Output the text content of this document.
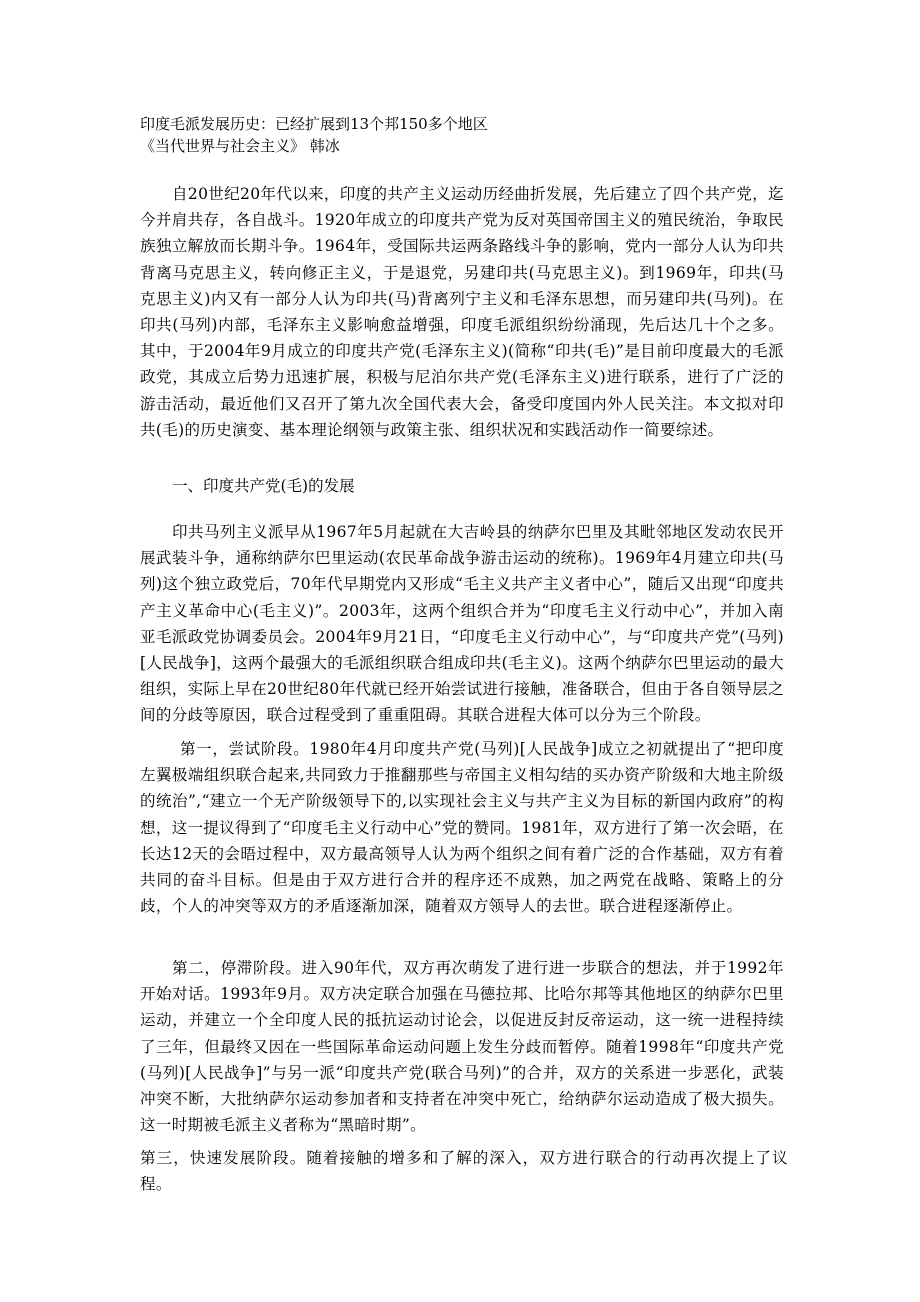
印度毛派发展历史：已经扩展到13个邦150多个地区
《当代世界与社会主义》 韩冰

自20世纪20年代以来，印度的共产主义运动历经曲折发展，先后建立了四个共产党，迄今并肩共存，各自战斗。1920年成立的印度共产党为反对英国帝国主义的殖民统治，争取民族独立解放而长期斗争。1964年，受国际共运两条路线斗争的影响，党内一部分人认为印共背离马克思主义，转向修正主义，于是退党，另建印共(马克思主义)。到1969年，印共(马克思主义)内又有一部分人认为印共(马)背离列宁主义和毛泽东思想，而另建印共(马列)。在印共(马列)内部，毛泽东主义影响愈益增强，印度毛派组织纷纷涌现，先后达几十个之多。其中，于2004年9月成立的印度共产党(毛泽东主义)(简称“印共(毛)”是目前印度最大的毛派政党，其成立后势力迅速扩展，积极与尼泊尔共产党(毛泽东主义)进行联系，进行了广泛的游击活动，最近他们又召开了第九次全国代表大会，备受印度国内外人民关注。本文拟对印共(毛)的历史演变、基本理论纲领与政策主张、组织状况和实践活动作一简要综述。

一、印度共产党(毛)的发展

印共马列主义派早从1967年5月起就在大吉岭县的纳萨尔巴里及其毗邻地区发动农民开展武装斗争，通称纳萨尔巴里运动(农民革命战争游击运动的统称)。1969年4月建立印共(马列)这个独立政党后，70年代早期党内又形成“毛主义共产主义者中心”，随后又出现“印度共产主义革命中心(毛主义)”。2003年，这两个组织合并为“印度毛主义行动中心”，并加入南亚毛派政党协调委员会。2004年9月21日，“印度毛主义行动中心”，与“印度共产党”(马列)[人民战争]，这两个最强大的毛派组织联合组成印共(毛主义)。这两个纳萨尔巴里运动的最大组织，实际上早在20世纪80年代就已经开始尝试进行接触，准备联合，但由于各自领导层之间的分歧等原因，联合过程受到了重重阻碍。其联合进程大体可以分为三个阶段。

第一，尝试阶段。1980年4月印度共产党(马列)[人民战争]成立之初就提出了“把印度左翼极端组织联合起来,共同致力于推翻那些与帝国主义相勾结的买办资产阶级和大地主阶级的统治”,“建立一个无产阶级领导下的,以实现社会主义与共产主义为目标的新国内政府”的构想，这一提议得到了“印度毛主义行动中心”党的赞同。1981年，双方进行了第一次会晤，在长达12天的会晤过程中，双方最高领导人认为两个组织之间有着广泛的合作基础，双方有着共同的奋斗目标。但是由于双方进行合并的程序还不成熟，加之两党在战略、策略上的分歧，个人的冲突等双方的矛盾逐渐加深，随着双方领导人的去世。联合进程逐渐停止。

第二，停滞阶段。进入90年代，双方再次萌发了进行进一步联合的想法，并于1992年开始对话。1993年9月。双方决定联合加强在马德拉邦、比哈尔邦等其他地区的纳萨尔巴里运动，并建立一个全印度人民的抵抗运动讨论会，以促进反封反帝运动，这一统一进程持续了三年，但最终又因在一些国际革命运动问题上发生分歧而暂停。随着1998年“印度共产党(马列)[人民战争]”与另一派“印度共产党(联合马列)”的合并，双方的关系进一步恶化，武装冲突不断，大批纳萨尔运动参加者和支持者在冲突中死亡，给纳萨尔运动造成了极大损失。这一时期被毛派主义者称为“黑暗时期”。

第三，快速发展阶段。随着接触的增多和了解的深入，双方进行联合的行动再次提上了议程。
